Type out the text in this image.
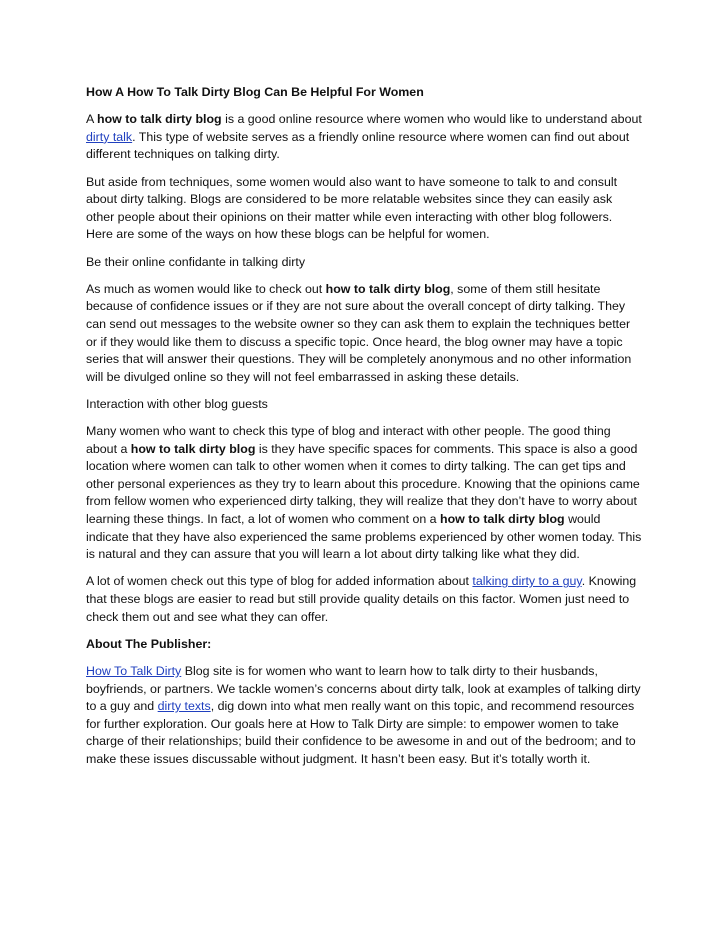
How A How To Talk Dirty Blog Can Be Helpful For Women

A how to talk dirty blog is a good online resource where women who would like to understand about dirty talk. This type of website serves as a friendly online resource where women can find out about different techniques on talking dirty.

But aside from techniques, some women would also want to have someone to talk to and consult about dirty talking. Blogs are considered to be more relatable websites since they can easily ask other people about their opinions on their matter while even interacting with other blog followers. Here are some of the ways on how these blogs can be helpful for women.

Be their online confidante in talking dirty

As much as women would like to check out how to talk dirty blog, some of them still hesitate because of confidence issues or if they are not sure about the overall concept of dirty talking. They can send out messages to the website owner so they can ask them to explain the techniques better or if they would like them to discuss a specific topic. Once heard, the blog owner may have a topic series that will answer their questions. They will be completely anonymous and no other information will be divulged online so they will not feel embarrassed in asking these details.

Interaction with other blog guests

Many women who want to check this type of blog and interact with other people. The good thing about a how to talk dirty blog is they have specific spaces for comments. This space is also a good location where women can talk to other women when it comes to dirty talking. The can get tips and other personal experiences as they try to learn about this procedure. Knowing that the opinions came from fellow women who experienced dirty talking, they will realize that they don’t have to worry about learning these things. In fact, a lot of women who comment on a how to talk dirty blog would indicate that they have also experienced the same problems experienced by other women today. This is natural and they can assure that you will learn a lot about dirty talking like what they did.

A lot of women check out this type of blog for added information about talking dirty to a guy. Knowing that these blogs are easier to read but still provide quality details on this factor. Women just need to check them out and see what they can offer.

About The Publisher:

How To Talk Dirty Blog site is for women who want to learn how to talk dirty to their husbands, boyfriends, or partners. We tackle women’s concerns about dirty talk, look at examples of talking dirty to a guy and dirty texts, dig down into what men really want on this topic, and recommend resources for further exploration. Our goals here at How to Talk Dirty are simple: to empower women to take charge of their relationships; build their confidence to be awesome in and out of the bedroom; and to make these issues discussable without judgment. It hasn’t been easy. But it’s totally worth it.
